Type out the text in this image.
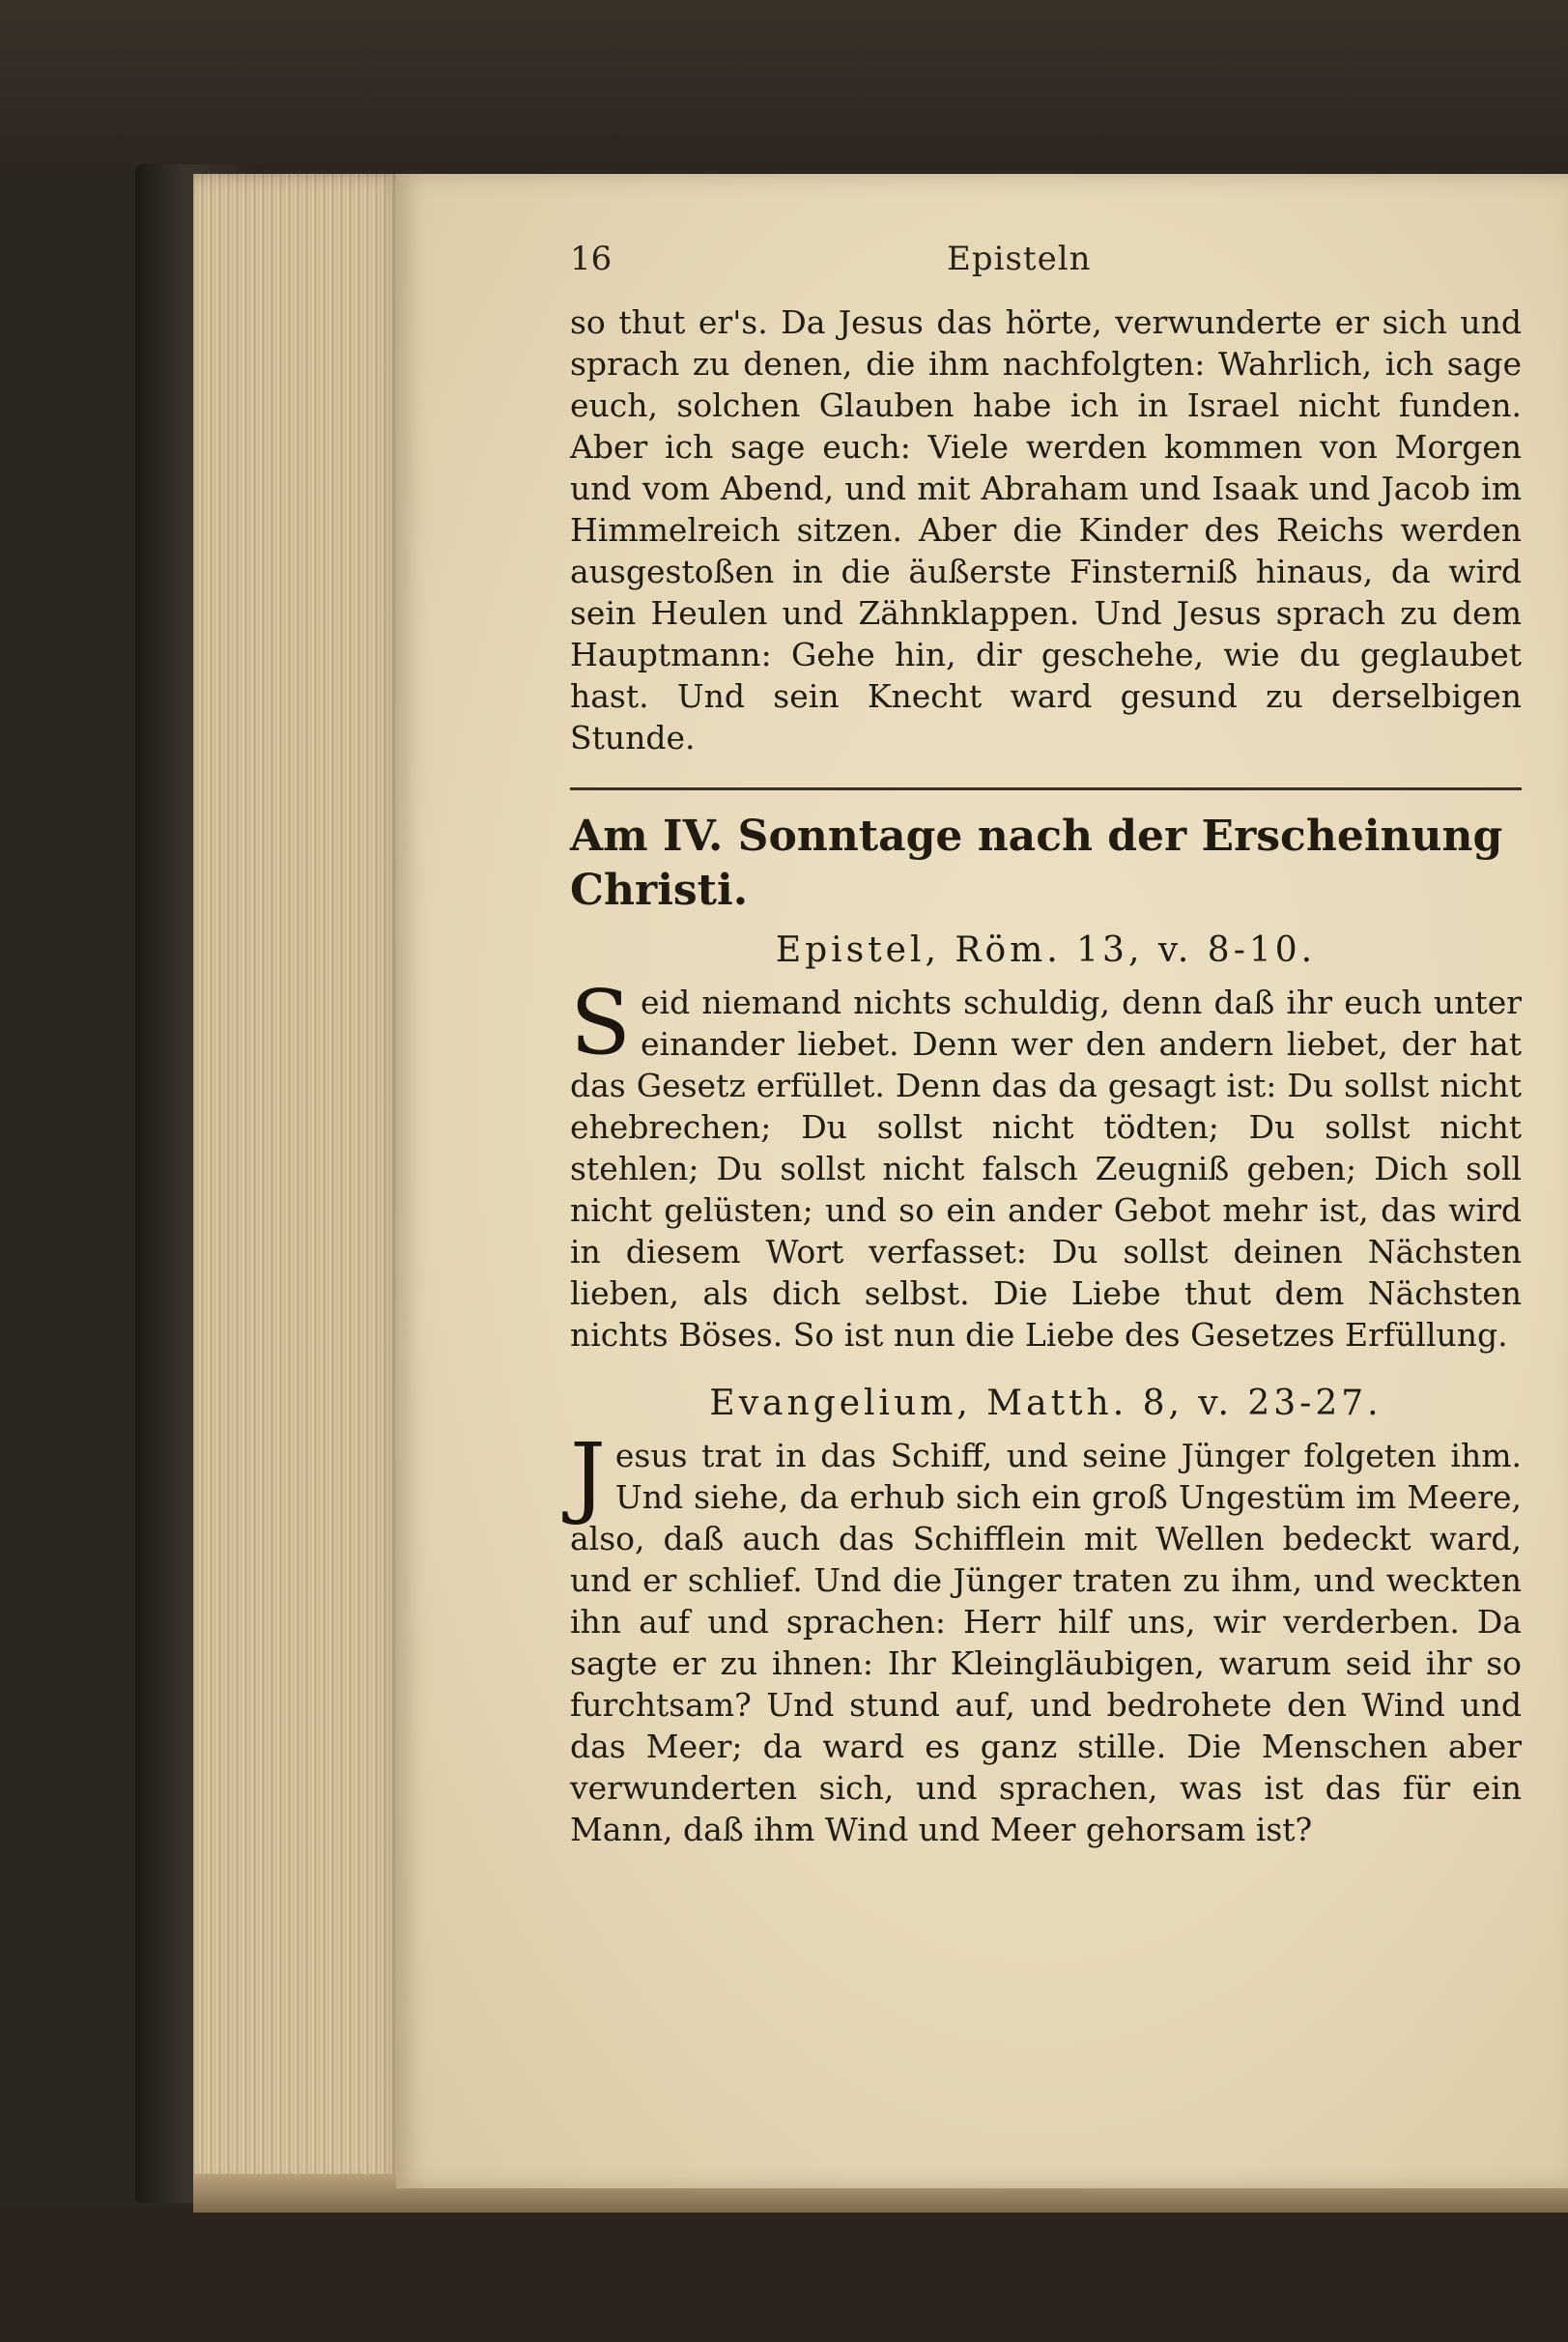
16	Episteln

so thut er's. Da Jesus das hörte, verwunderte er sich und sprach zu denen, die ihm nachfolgten: Wahrlich, ich sage euch, solchen Glauben habe ich in Israel nicht funden. Aber ich sage euch: Viele werden kommen von Morgen und vom Abend, und mit Abraham und Isaak und Jacob im Himmelreich sitzen. Aber die Kinder des Reichs werden ausgestoßen in die äußerste Finsterniß hinaus, da wird sein Heulen und Zähnklappen. Und Jesus sprach zu dem Hauptmann: Gehe hin, dir geschehe, wie du geglaubet hast. Und sein Knecht ward gesund zu derselbigen Stunde.

Am IV. Sonntage nach der Erscheinung Christi.
Epistel, Röm. 13, v. 8-10.
S eid niemand nichts schuldig, denn daß ihr euch unter einander liebet. Denn wer den andern liebet, der hat das Gesetz erfüllet. Denn das da gesagt ist: Du sollst nicht ehebrechen; Du sollst nicht tödten; Du sollst nicht stehlen; Du sollst nicht falsch Zeugniß geben; Dich soll nicht gelüsten; und so ein ander Gebot mehr ist, das wird in diesem Wort verfasset: Du sollst deinen Nächsten lieben, als dich selbst. Die Liebe thut dem Nächsten nichts Böses. So ist nun die Liebe des Gesetzes Erfüllung.

Evangelium, Matth. 8, v. 23-27.
J esus trat in das Schiff, und seine Jünger folgeten ihm. Und siehe, da erhub sich ein groß Ungestüm im Meere, also, daß auch das Schifflein mit Wellen bedeckt ward, und er schlief. Und die Jünger traten zu ihm, und weckten ihn auf und sprachen: Herr hilf uns, wir verderben. Da sagte er zu ihnen: Ihr Kleingläubigen, warum seid ihr so furchtsam? Und stund auf, und bedrohete den Wind und das Meer; da ward es ganz stille. Die Menschen aber verwunderten sich, und sprachen, was ist das für ein Mann, daß ihm Wind und Meer gehorsam ist?
